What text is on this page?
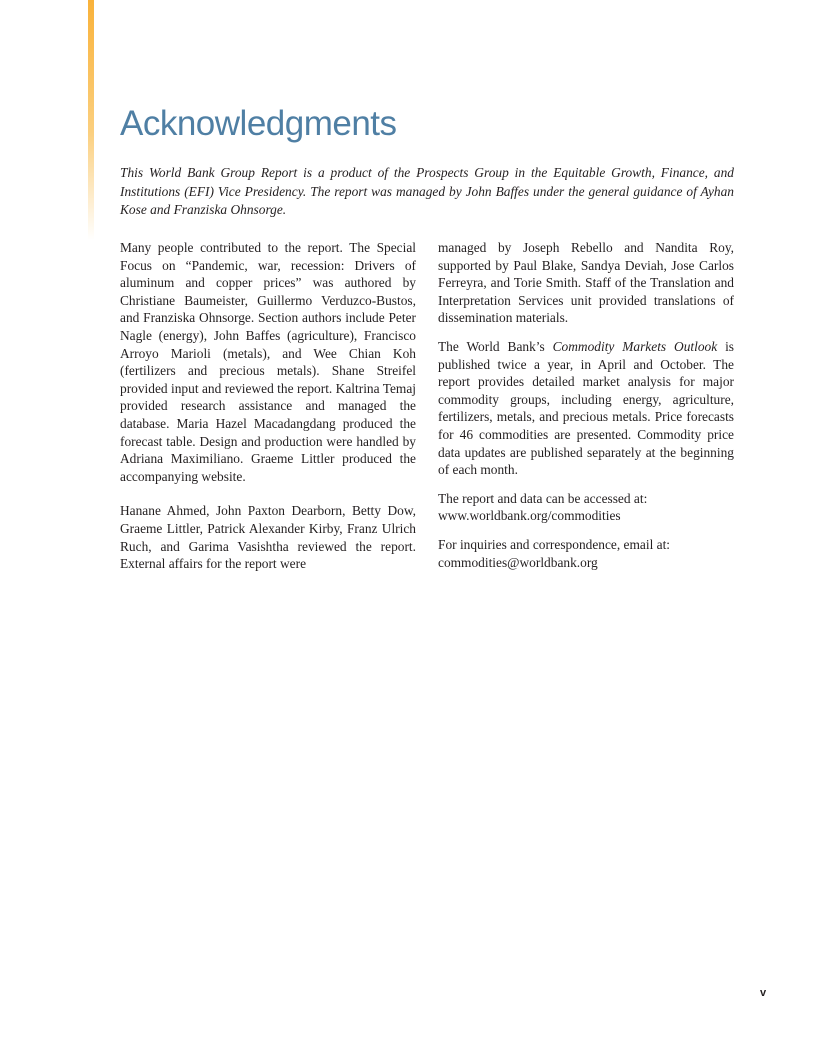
Acknowledgments

This World Bank Group Report is a product of the Prospects Group in the Equitable Growth, Finance, and Institutions (EFI) Vice Presidency. The report was managed by John Baffes under the general guidance of Ayhan Kose and Franziska Ohnsorge.

Many people contributed to the report. The Special Focus on “Pandemic, war, recession: Drivers of aluminum and copper prices” was authored by Christiane Baumeister, Guillermo Verduzco-Bustos, and Franziska Ohnsorge. Section authors include Peter Nagle (energy), John Baffes (agriculture), Francisco Arroyo Marioli (metals), and Wee Chian Koh (fertilizers and precious metals). Shane Streifel provided input and reviewed the report. Kaltrina Temaj provided research assistance and managed the database. Maria Hazel Macadangdang produced the forecast table. Design and production were handled by Adriana Maximiliano. Graeme Littler produced the accompanying website.

Hanane Ahmed, John Paxton Dearborn, Betty Dow, Graeme Littler, Patrick Alexander Kirby, Franz Ulrich Ruch, and Garima Vasishtha reviewed the report. External affairs for the report were

managed by Joseph Rebello and Nandita Roy, supported by Paul Blake, Sandya Deviah, Jose Carlos Ferreyra, and Torie Smith. Staff of the Translation and Interpretation Services unit provided translations of dissemination materials.

The World Bank’s Commodity Markets Outlook is published twice a year, in April and October. The report provides detailed market analysis for major commodity groups, including energy, agriculture, fertilizers, metals, and precious metals. Price forecasts for 46 commodities are presented. Commodity price data updates are published separately at the beginning of each month.

The report and data can be accessed at:
www.worldbank.org/commodities

For inquiries and correspondence, email at:
commodities@worldbank.org

v
